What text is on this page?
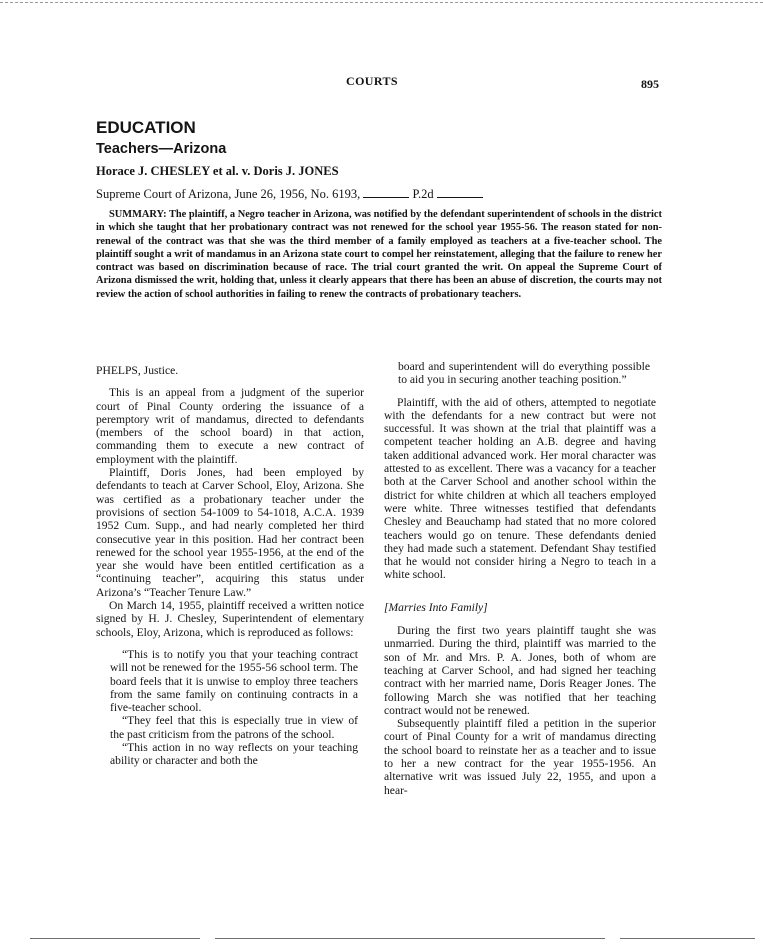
COURTS	895
EDUCATION
Teachers—Arizona
Horace J. CHESLEY et al. v. Doris J. JONES
Supreme Court of Arizona, June 26, 1956, No. 6193,	P.2d

SUMMARY: The plaintiff, a Negro teacher in Arizona, was notified by the defendant superintendent of schools in the district in which she taught that her probationary contract was not renewed for the school year 1955-56. The reason stated for non-renewal of the contract was that she was the third member of a family employed as teachers at a five-teacher school. The plaintiff sought a writ of mandamus in an Arizona state court to compel her reinstatement, alleging that the failure to renew her contract was based on discrimination because of race. The trial court granted the writ. On appeal the Supreme Court of Arizona dismissed the writ, holding that, unless it clearly appears that there has been an abuse of discretion, the courts may not review the action of school authorities in failing to renew the contracts of probationary teachers.

PHELPS, Justice.

This is an appeal from a judgment of the superior court of Pinal County ordering the issuance of a peremptory writ of mandamus, directed to defendants (members of the school board) in that action, commanding them to execute a new contract of employment with the plaintiff.

Plaintiff, Doris Jones, had been employed by defendants to teach at Carver School, Eloy, Arizona. She was certified as a probationary teacher under the provisions of section 54-1009 to 54-1018, A.C.A. 1939 1952 Cum. Supp., and had nearly completed her third consecutive year in this position. Had her contract been renewed for the school year 1955-1956, at the end of the year she would have been entitled certification as a “continuing teacher”, acquiring this status under Arizona’s “Teacher Tenure Law.”

On March 14, 1955, plaintiff received a written notice signed by H. J. Chesley, Superintendent of elementary schools, Eloy, Arizona, which is reproduced as follows:

“This is to notify you that your teaching contract will not be renewed for the 1955-56 school term. The board feels that it is unwise to employ three teachers from the same family on continuing contracts in a five-teacher school.

“They feel that this is especially true in view of the past criticism from the patrons of the school.

“This action in no way reflects on your teaching ability or character and both the

board and superintendent will do everything possible to aid you in securing another teaching position.”

Plaintiff, with the aid of others, attempted to negotiate with the defendants for a new contract but were not successful. It was shown at the trial that plaintiff was a competent teacher holding an A.B. degree and having taken additional advanced work. Her moral character was attested to as excellent. There was a vacancy for a teacher both at the Carver School and another school within the district for white children at which all teachers employed were white. Three witnesses testified that defendants Chesley and Beauchamp had stated that no more colored teachers would go on tenure. These defendants denied they had made such a statement. Defendant Shay testified that he would not consider hiring a Negro to teach in a white school.

[Marries Into Family]

During the first two years plaintiff taught she was unmarried. During the third, plaintiff was married to the son of Mr. and Mrs. P. A. Jones, both of whom are teaching at Carver School, and had signed her teaching contract with her married name, Doris Reager Jones. The following March she was notified that her teaching contract would not be renewed.

Subsequently plaintiff filed a petition in the superior court of Pinal County for a writ of mandamus directing the school board to reinstate her as a teacher and to issue to her a new contract for the year 1955-1956. An alternative writ was issued July 22, 1955, and upon a hear-
